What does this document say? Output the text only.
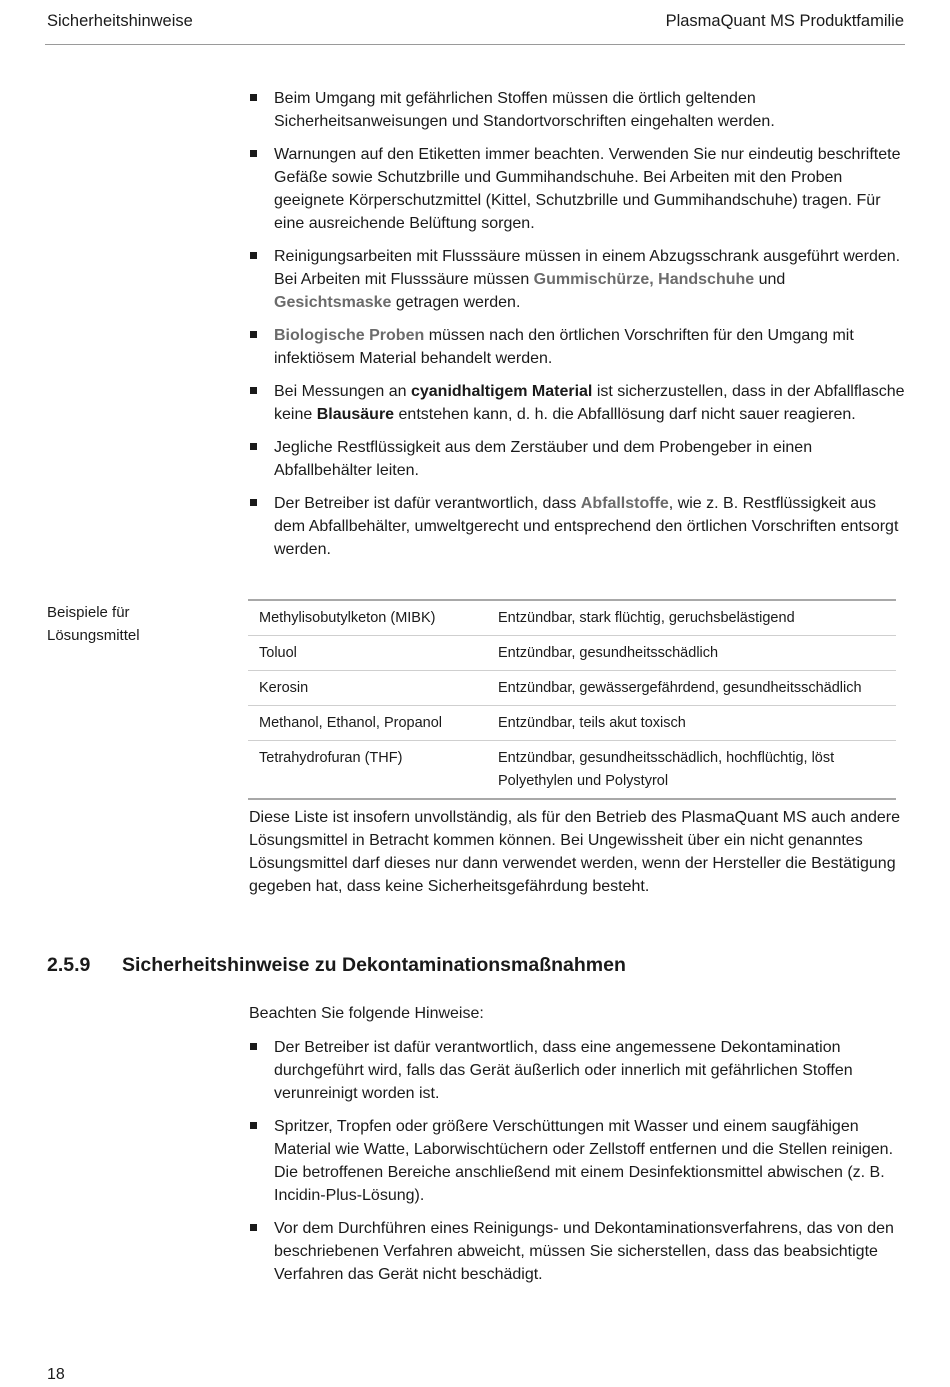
Sicherheitshinweise	PlasmaQuant MS Produktfamilie
Beim Umgang mit gefährlichen Stoffen müssen die örtlich geltenden Sicherheitsanweisungen und Standortvorschriften eingehalten werden.
Warnungen auf den Etiketten immer beachten. Verwenden Sie nur eindeutig beschriftete Gefäße sowie Schutzbrille und Gummihandschuhe. Bei Arbeiten mit den Proben geeignete Körperschutzmittel (Kittel, Schutzbrille und Gummihandschuhe) tragen. Für eine ausreichende Belüftung sorgen.
Reinigungsarbeiten mit Flusssäure müssen in einem Abzugsschrank ausgeführt werden. Bei Arbeiten mit Flusssäure müssen Gummischürze, Handschuhe und Gesichtsmaske getragen werden.
Biologische Proben müssen nach den örtlichen Vorschriften für den Umgang mit infektiösem Material behandelt werden.
Bei Messungen an cyanidhaltigem Material ist sicherzustellen, dass in der Abfallflasche keine Blausäure entstehen kann, d. h. die Abfalllösung darf nicht sauer reagieren.
Jegliche Restflüssigkeit aus dem Zerstäuber und dem Probengeber in einen Abfallbehälter leiten.
Der Betreiber ist dafür verantwortlich, dass Abfallstoffe, wie z. B. Restflüssigkeit aus dem Abfallbehälter, umweltgerecht und entsprechend den örtlichen Vorschriften entsorgt werden.
Beispiele für
Lösungsmittel
Methylisobutylketon (MIBK)	Entzündbar, stark flüchtig, geruchsbelästigend
Toluol	Entzündbar, gesundheitsschädlich
Kerosin	Entzündbar, gewässergefährdend, gesundheitsschädlich
Methanol, Ethanol, Propanol	Entzündbar, teils akut toxisch
Tetrahydrofuran (THF)	Entzündbar, gesundheitsschädlich, hochflüchtig, löst Polyethylen und Polystyrol
Diese Liste ist insofern unvollständig, als für den Betrieb des PlasmaQuant MS auch andere Lösungsmittel in Betracht kommen können. Bei Ungewissheit über ein nicht genanntes Lösungsmittel darf dieses nur dann verwendet werden, wenn der Hersteller die Bestätigung gegeben hat, dass keine Sicherheitsgefährdung besteht.
2.5.9 Sicherheitshinweise zu Dekontaminationsmaßnahmen
Beachten Sie folgende Hinweise:
Der Betreiber ist dafür verantwortlich, dass eine angemessene Dekontamination durchgeführt wird, falls das Gerät äußerlich oder innerlich mit gefährlichen Stoffen verunreinigt worden ist.
Spritzer, Tropfen oder größere Verschüttungen mit Wasser und einem saugfähigen Material wie Watte, Laborwischtüchern oder Zellstoff entfernen und die Stellen reinigen. Die betroffenen Bereiche anschließend mit einem Desinfektionsmittel abwischen (z. B. Incidin-Plus-Lösung).
Vor dem Durchführen eines Reinigungs- und Dekontaminationsverfahrens, das von den beschriebenen Verfahren abweicht, müssen Sie sicherstellen, dass das beabsichtigte Verfahren das Gerät nicht beschädigt.
18
